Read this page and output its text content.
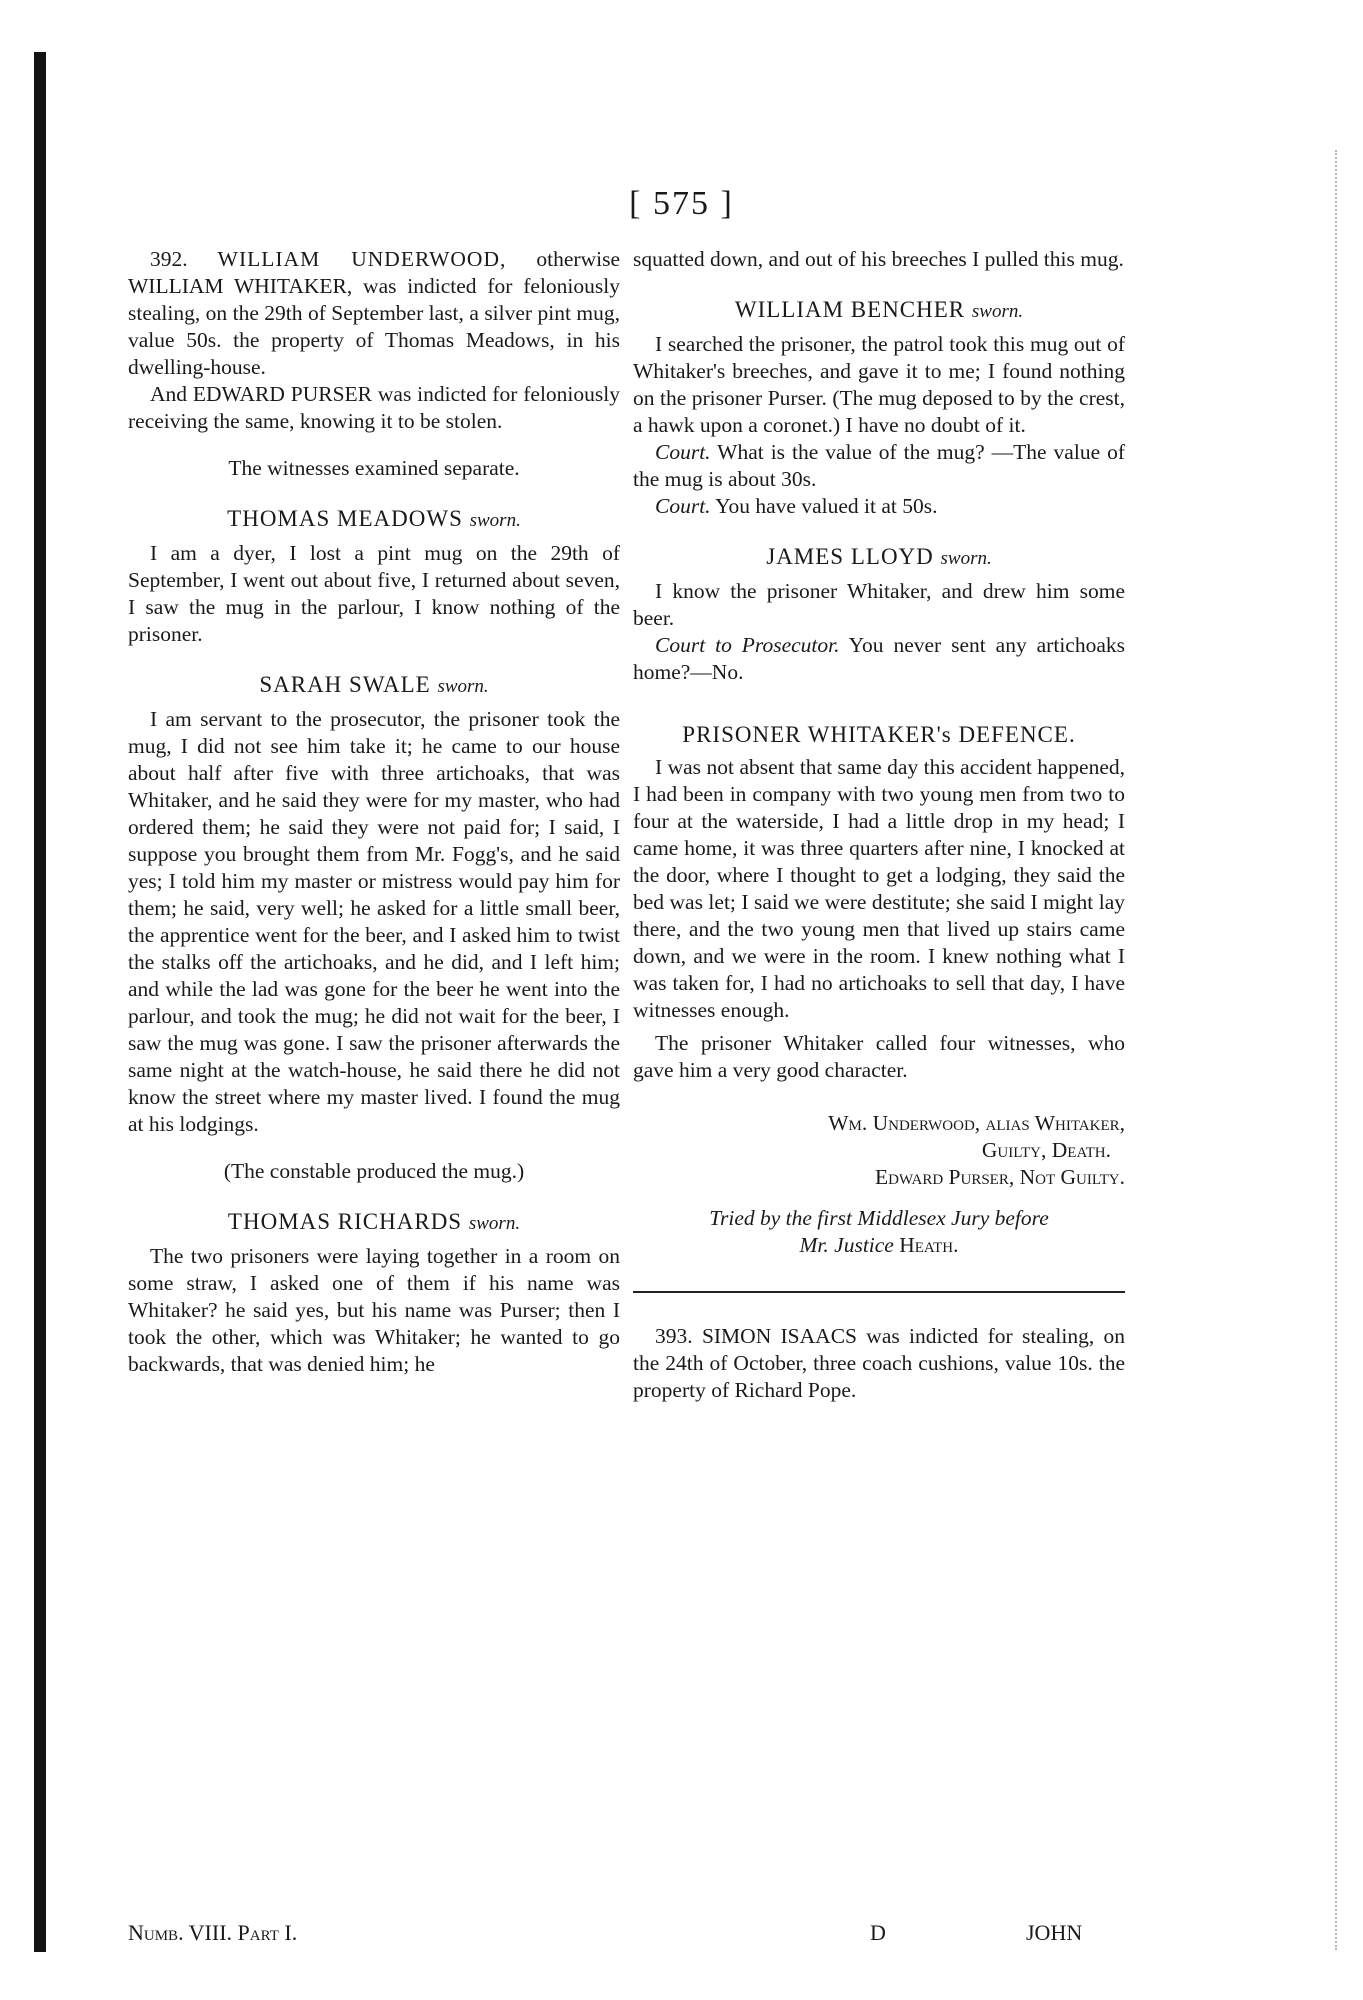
[ 575 ]

392. WILLIAM UNDERWOOD, otherwise WILLIAM WHITAKER, was indicted for feloniously stealing, on the 29th of September last, a silver pint mug, value 50s. the property of Thomas Meadows, in his dwelling-house.

And EDWARD PURSER was indicted for feloniously receiving the same, knowing it to be stolen.

The witnesses examined separate.

THOMAS MEADOWS sworn.

I am a dyer, I lost a pint mug on the 29th of September, I went out about five, I returned about seven, I saw the mug in the parlour, I know nothing of the prisoner.

SARAH SWALE sworn.

I am servant to the prosecutor, the prisoner took the mug, I did not see him take it; he came to our house about half after five with three artichoaks, that was Whitaker, and he said they were for my master, who had ordered them; he said they were not paid for; I said, I suppose you brought them from Mr. Fogg's, and he said yes; I told him my master or mistress would pay him for them; he said, very well; he asked for a little small beer, the apprentice went for the beer, and I asked him to twist the stalks off the artichoaks, and he did, and I left him; and while the lad was gone for the beer he went into the parlour, and took the mug; he did not wait for the beer, I saw the mug was gone. I saw the prisoner afterwards the same night at the watch-house, he said there he did not know the street where my master lived. I found the mug at his lodgings.

(The constable produced the mug.)

THOMAS RICHARDS sworn.

The two prisoners were laying together in a room on some straw, I asked one of them if his name was Whitaker? he said yes, but his name was Purser; then I took the other, which was Whitaker; he wanted to go backwards, that was denied him; he

squatted down, and out of his breeches I pulled this mug.

WILLIAM BENCHER sworn.

I searched the prisoner, the patrol took this mug out of Whitaker's breeches, and gave it to me; I found nothing on the prisoner Purser. (The mug deposed to by the crest, a hawk upon a coronet.) I have no doubt of it.

Court. What is the value of the mug? —The value of the mug is about 30s.

Court. You have valued it at 50s.

JAMES LLOYD sworn.

I know the prisoner Whitaker, and drew him some beer.

Court to Prosecutor. You never sent any artichoaks home?—No.

PRISONER WHITAKER's DEFENCE.

I was not absent that same day this accident happened, I had been in company with two young men from two to four at the waterside, I had a little drop in my head; I came home, it was three quarters after nine, I knocked at the door, where I thought to get a lodging, they said the bed was let; I said we were destitute; she said I might lay there, and the two young men that lived up stairs came down, and we were in the room. I knew nothing what I was taken for, I had no artichoaks to sell that day, I have witnesses enough.

The prisoner Whitaker called four witnesses, who gave him a very good character.

Wm. Underwood, alias Whitaker,

Guilty, Death.

Edward Purser, Not Guilty.

Tried by the first Middlesex Jury before

Mr. Justice Heath.

393. SIMON ISAACS was indicted for stealing, on the 24th of October, three coach cushions, value 10s. the property of Richard Pope.

Numb. VIII. Part I.	D	JOHN
